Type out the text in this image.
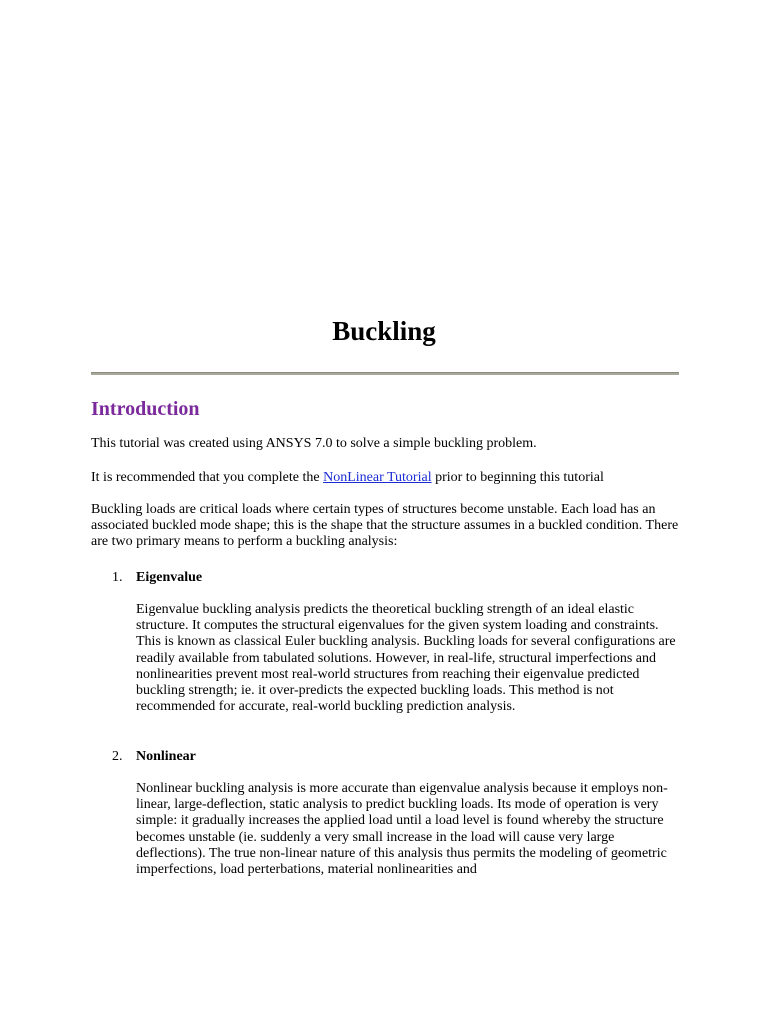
Buckling
Introduction

This tutorial was created using ANSYS 7.0 to solve a simple buckling problem.

It is recommended that you complete the NonLinear Tutorial prior to beginning this tutorial

Buckling loads are critical loads where certain types of structures become unstable. Each load has an associated buckled mode shape; this is the shape that the structure assumes in a buckled condition. There are two primary means to perform a buckling analysis:

1. Eigenvalue

Eigenvalue buckling analysis predicts the theoretical buckling strength of an ideal elastic structure. It computes the structural eigenvalues for the given system loading and constraints. This is known as classical Euler buckling analysis. Buckling loads for several configurations are readily available from tabulated solutions. However, in real-life, structural imperfections and nonlinearities prevent most real-world structures from reaching their eigenvalue predicted buckling strength; ie. it over-predicts the expected buckling loads. This method is not recommended for accurate, real-world buckling prediction analysis.

2. Nonlinear

Nonlinear buckling analysis is more accurate than eigenvalue analysis because it employs non-linear, large-deflection, static analysis to predict buckling loads. Its mode of operation is very simple: it gradually increases the applied load until a load level is found whereby the structure becomes unstable (ie. suddenly a very small increase in the load will cause very large deflections). The true non-linear nature of this analysis thus permits the modeling of geometric imperfections, load perterbations, material nonlinearities and
